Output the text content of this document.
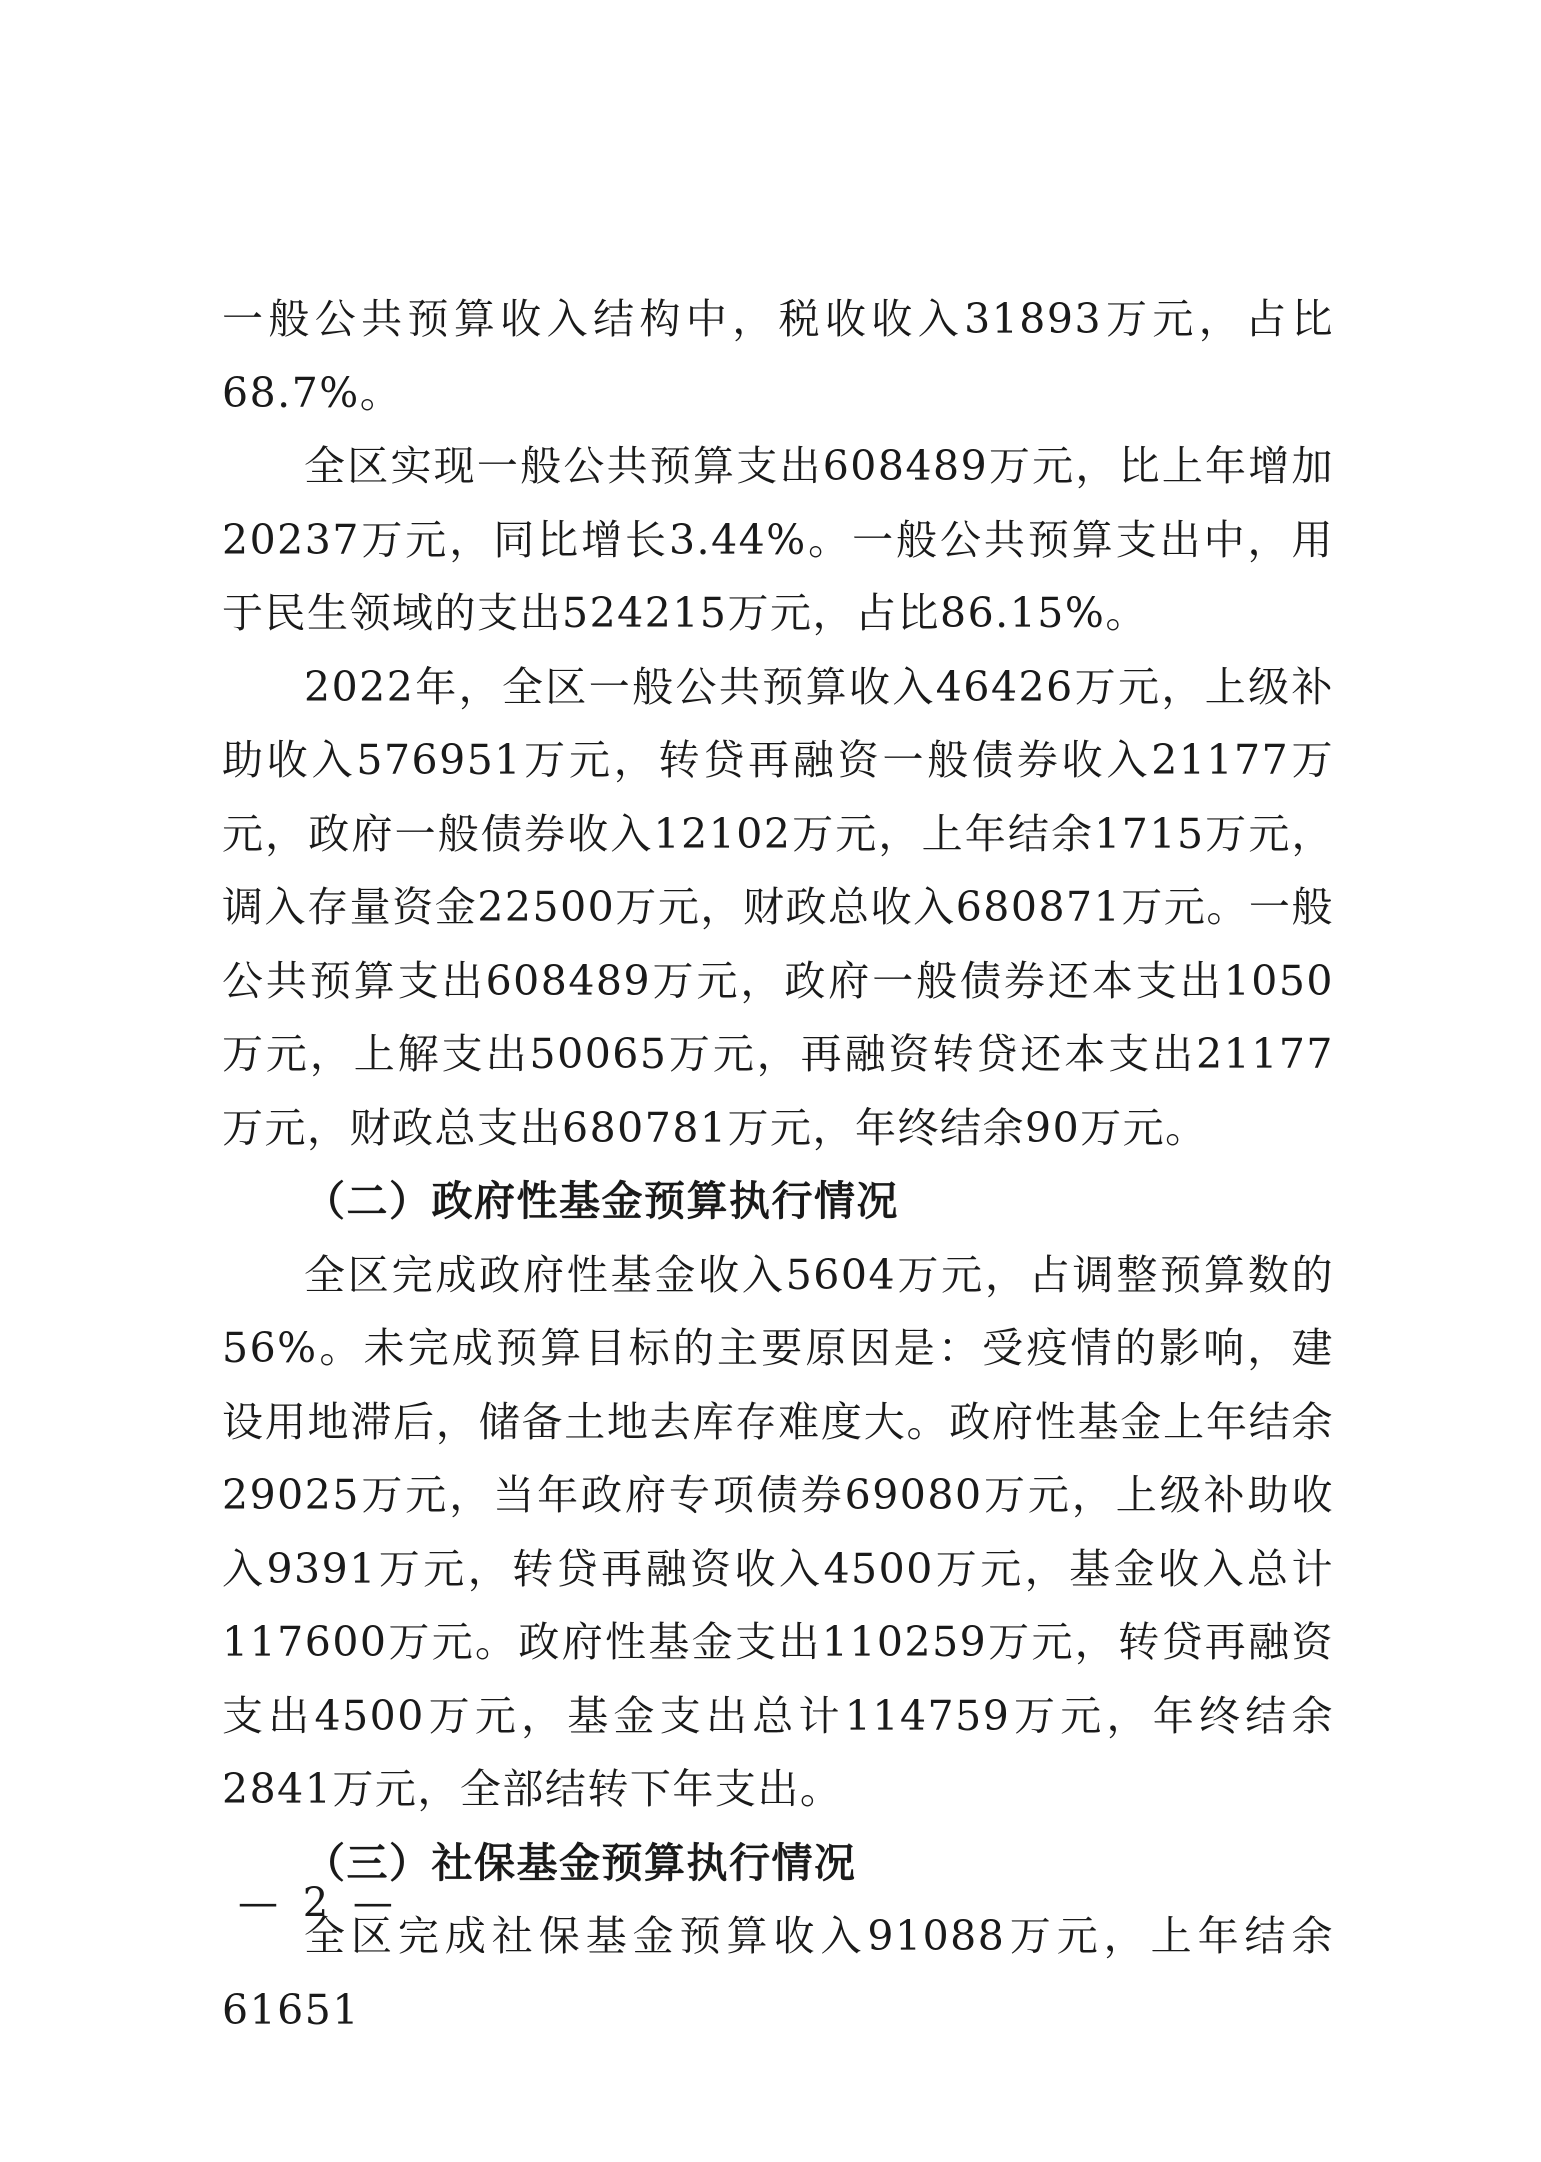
一般公共预算收入结构中，税收收入31893万元，占比68.7%。

全区实现一般公共预算支出608489万元，比上年增加20237万元，同比增长3.44%。一般公共预算支出中，用于民生领域的支出524215万元，占比86.15%。

2022年，全区一般公共预算收入46426万元，上级补助收入576951万元，转贷再融资一般债券收入21177万元，政府一般债券收入12102万元，上年结余1715万元，调入存量资金22500万元，财政总收入680871万元。一般公共预算支出608489万元，政府一般债券还本支出1050万元，上解支出50065万元，再融资转贷还本支出21177万元，财政总支出680781万元，年终结余90万元。

（二）政府性基金预算执行情况

全区完成政府性基金收入5604万元，占调整预算数的56%。未完成预算目标的主要原因是：受疫情的影响，建设用地滞后，储备土地去库存难度大。政府性基金上年结余29025万元，当年政府专项债券69080万元，上级补助收入9391万元，转贷再融资收入4500万元，基金收入总计117600万元。政府性基金支出110259万元，转贷再融资支出4500万元，基金支出总计114759万元，年终结余2841万元，全部结转下年支出。

（三）社保基金预算执行情况

全区完成社保基金预算收入91088万元，上年结余61651

— 2 —
